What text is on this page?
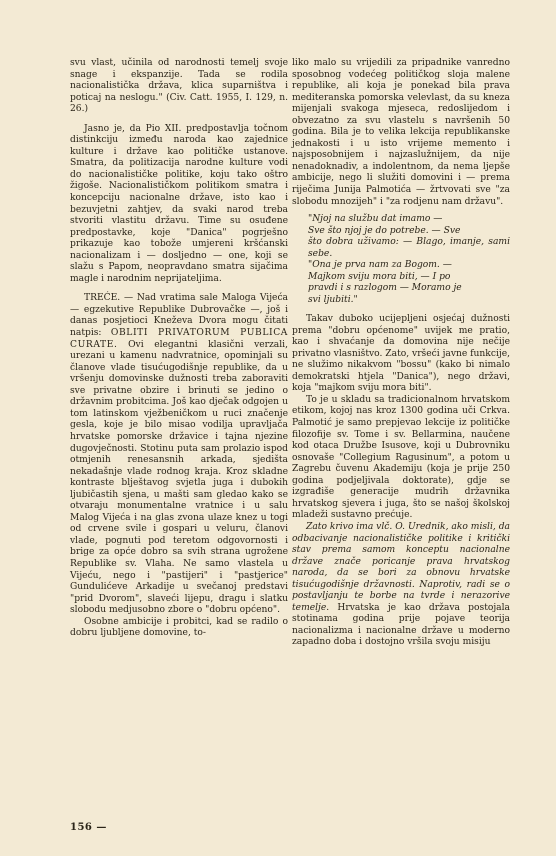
svu vlast, učinila od narodnosti temelj svoje snage i ekspanzije. Tada se rodila nacionalistička država, klica suparništva i poticaj na neslogu." (Civ. Catt. 1955, I. 129, n. 26.)

Jasno je, da Pio XII. predpostavlja točnom distinkciju između naroda kao zajednice kulture i države kao političke ustanove. Smatra, da politizacija narodne kulture vodi do nacionalističke politike, koju tako oštro žigoše. Nacionalističkom politikom smatra i koncepciju nacionalne države, isto kao i bezuvjetni zahtjev, da svaki narod treba stvoriti vlastitu državu. Time su osuđene predpostavke, koje "Danica" pogrješno prikazuje kao tobože umjereni kršćanski nacionalizam i — dosljedno — one, koji se slažu s Papom, neopravdano smatra sijačima magle i narodnim neprijateljima.

TREĆE. — Nad vratima sale Maloga Vijeća — egzekutive Republike Dubrovačke —, još i danas posjetioci Kneževa Dvora mogu čitati natpis: OBLITI PRIVATORUM PUBLICA CURATE. Ovi elegantni klasični verzali, urezani u kamenu nadvratnice, opominjali su članove vlade tisućugodišnje republike, da u vršenju domovinske dužnosti treba zaboraviti sve privatne obzire i brinuti se jedino o državnim probitcima. Još kao dječak odgojen u tom latinskom vježbeničkom u ruci značenje gesla, koje je bilo misao vodilja upravljača hrvatske pomorske državice i tajna njezine dugovječnosti. Stotinu puta sam prolazio ispod otmjenih renesansnih arkada, sjedišta nekadašnje vlade rodnog kraja. Kroz skladne kontraste blještavog svjetla juga i dubokih ljubičastih sjena, u mašti sam gledao kako se otvaraju monumentalne vratnice i u salu Malog Vijeća i na glas zvona ulaze knez u togi od crvene svile i gospari u veluru, članovi vlade, pognuti pod teretom odgovornosti i brige za opće dobro sa svih strana ugrožene Republike sv. Vlaha. Ne samo vlastela u Vijeću, nego i "pastijeri" i "pastjerice" Gundulićeve Arkadije u svečanoj predstavi "prid Dvorom", slaveći lijepu, dragu i slatku slobodu medjusobno zbore o "dobru općeno".

Osobne ambicije i probitci, kad se radilo o dobru ljubljene domovine, to-

liko malo su vrijedili za pripadnike vanredno sposobnog vodećeg političkog sloja malene republike, ali koja je ponekad bila prava mediteranska pomorska velevlast, da su kneza mijenjali svakoga mjeseca, redoslijedom i obvezatno za svu vlastelu s navršenih 50 godina. Bila je to velika lekcija republikanske jednakosti i u isto vrijeme memento i najsposobnijem i najzaslužnijem, da nije nenadoknadiv, a indolentnom, da nema ljepše ambicije, nego li služiti domovini i — prema riječima Junija Palmotića — žrtvovati sve "za slobodu mnozijeh" i "za rodjenu nam državu".

"Njoj na službu dat imamo —
Sve što njoj je do potrebe. — Sve
što dobra uživamo: — Blago, imanje, sami sebe.
"Ona je prva nam za Bogom. —
Majkom sviju mora biti, — I po
pravdi i s razlogom — Moramo je
svi ljubiti."

Takav duboko ucijepljeni osjećaj dužnosti prema "dobru općenome" uvijek me pratio, kao i shvaćanje da domovina nije nečije privatno vlasništvo. Zato, vršeći javne funkcije, ne služimo nikakvom "bossu" (kako bi nimalo demokratski htjela "Danica"), nego državi, koja "majkom sviju mora biti".

To je u skladu sa tradicionalnom hrvatskom etikom, kojoj nas kroz 1300 godina uči Crkva. Palmotić je samo prepjevao lekcije iz političke filozofije sv. Tome i sv. Bellarmina, naučene kod otaca Družbe Isusove, koji u Dubrovniku osnovaše "Collegium Ragusinum", a potom u Zagrebu čuvenu Akademiju (koja je prije 250 godina podjeljivala doktorate), gdje se izgrađiše generacije mudrih državnika hrvatskog sjevera i juga, što se našoj školskoj mladeži sustavno prećuje.

Zato krivo ima vlč. O. Urednik, ako misli, da odbacivanje nacionalističke politike i kritički stav prema samom konceptu nacionalne države znače poricanje prava hrvatskog naroda, da se bori za obnovu hrvatske tisućugodišnje državnosti. Naprotiv, radi se o postavljanju te borbe na tvrde i nerazorive temelje. Hrvatska je kao država postojala stotinama godina prije pojave teorija nacionalizma i nacionalne države u moderno zapadno doba i dostojno vršila svoju misiju

156 —
